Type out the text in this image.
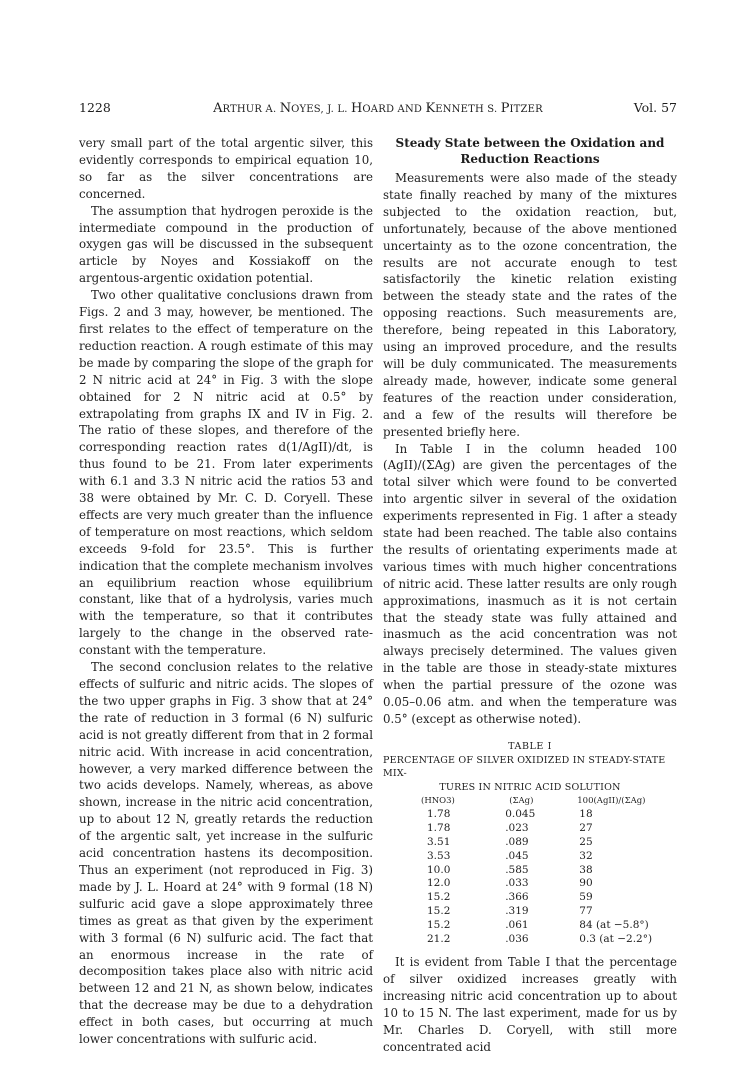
1228	ARTHUR A. NOYES, J. L. HOARD AND KENNETH S. PITZER	Vol. 57

very small part of the total argentic silver, this evidently corresponds to empirical equation 10, so far as the silver concentrations are concerned.

The assumption that hydrogen peroxide is the intermediate compound in the production of oxygen gas will be discussed in the subsequent article by Noyes and Kossiakoff on the argentous-argentic oxidation potential.

Two other qualitative conclusions drawn from Figs. 2 and 3 may, however, be mentioned. The first relates to the effect of temperature on the reduction reaction. A rough estimate of this may be made by comparing the slope of the graph for 2 N nitric acid at 24° in Fig. 3 with the slope obtained for 2 N nitric acid at 0.5° by extrapolating from graphs IX and IV in Fig. 2. The ratio of these slopes, and therefore of the corresponding reaction rates d(1/AgII)/dt, is thus found to be 21. From later experiments with 6.1 and 3.3 N nitric acid the ratios 53 and 38 were obtained by Mr. C. D. Coryell. These effects are very much greater than the influence of temperature on most reactions, which seldom exceeds 9-fold for 23.5°. This is further indication that the complete mechanism involves an equilibrium reaction whose equilibrium constant, like that of a hydrolysis, varies much with the temperature, so that it contributes largely to the change in the observed rate-constant with the temperature.

The second conclusion relates to the relative effects of sulfuric and nitric acids. The slopes of the two upper graphs in Fig. 3 show that at 24° the rate of reduction in 3 formal (6 N) sulfuric acid is not greatly different from that in 2 formal nitric acid. With increase in acid concentration, however, a very marked difference between the two acids develops. Namely, whereas, as above shown, increase in the nitric acid concentration, up to about 12 N, greatly retards the reduction of the argentic salt, yet increase in the sulfuric acid concentration hastens its decomposition. Thus an experiment (not reproduced in Fig. 3) made by J. L. Hoard at 24° with 9 formal (18 N) sulfuric acid gave a slope approximately three times as great as that given by the experiment with 3 formal (6 N) sulfuric acid. The fact that an enormous increase in the rate of decomposition takes place also with nitric acid between 12 and 21 N, as shown below, indicates that the decrease may be due to a dehydration effect in both cases, but occurring at much lower concentrations with sulfuric acid.

Steady State between the Oxidation and
Reduction Reactions

Measurements were also made of the steady state finally reached by many of the mixtures subjected to the oxidation reaction, but, unfortunately, because of the above mentioned uncertainty as to the ozone concentration, the results are not accurate enough to test satisfactorily the kinetic relation existing between the steady state and the rates of the opposing reactions. Such measurements are, therefore, being repeated in this Laboratory, using an improved procedure, and the results will be duly communicated. The measurements already made, however, indicate some general features of the reaction under consideration, and a few of the results will therefore be presented briefly here.

In Table I in the column headed 100 (AgII)/(ΣAg) are given the percentages of the total silver which were found to be converted into argentic silver in several of the oxidation experiments represented in Fig. 1 after a steady state had been reached. The table also contains the results of orientating experiments made at various times with much higher concentrations of nitric acid. These latter results are only rough approximations, inasmuch as it is not certain that the steady state was fully attained and inasmuch as the acid concentration was not always precisely determined. The values given in the table are those in steady-state mixtures when the partial pressure of the ozone was 0.05–0.06 atm. and when the temperature was 0.5° (except as otherwise noted).

TABLE I
PERCENTAGE OF SILVER OXIDIZED IN STEADY-STATE MIX-
TURES IN NITRIC ACID SOLUTION
(HNO3)	(ΣAg)	100(AgII)/(ΣAg)
1.78	0.045	18
1.78	.023	27
3.51	.089	25
3.53	.045	32
10.0	.585	38
12.0	.033	90
15.2	.366	59
15.2	.319	77
15.2	.061	84 (at −5.8°)
21.2	.036	0.3 (at −2.2°)

It is evident from Table I that the percentage of silver oxidized increases greatly with increasing nitric acid concentration up to about 10 to 15 N. The last experiment, made for us by Mr. Charles D. Coryell, with still more concentrated acid
